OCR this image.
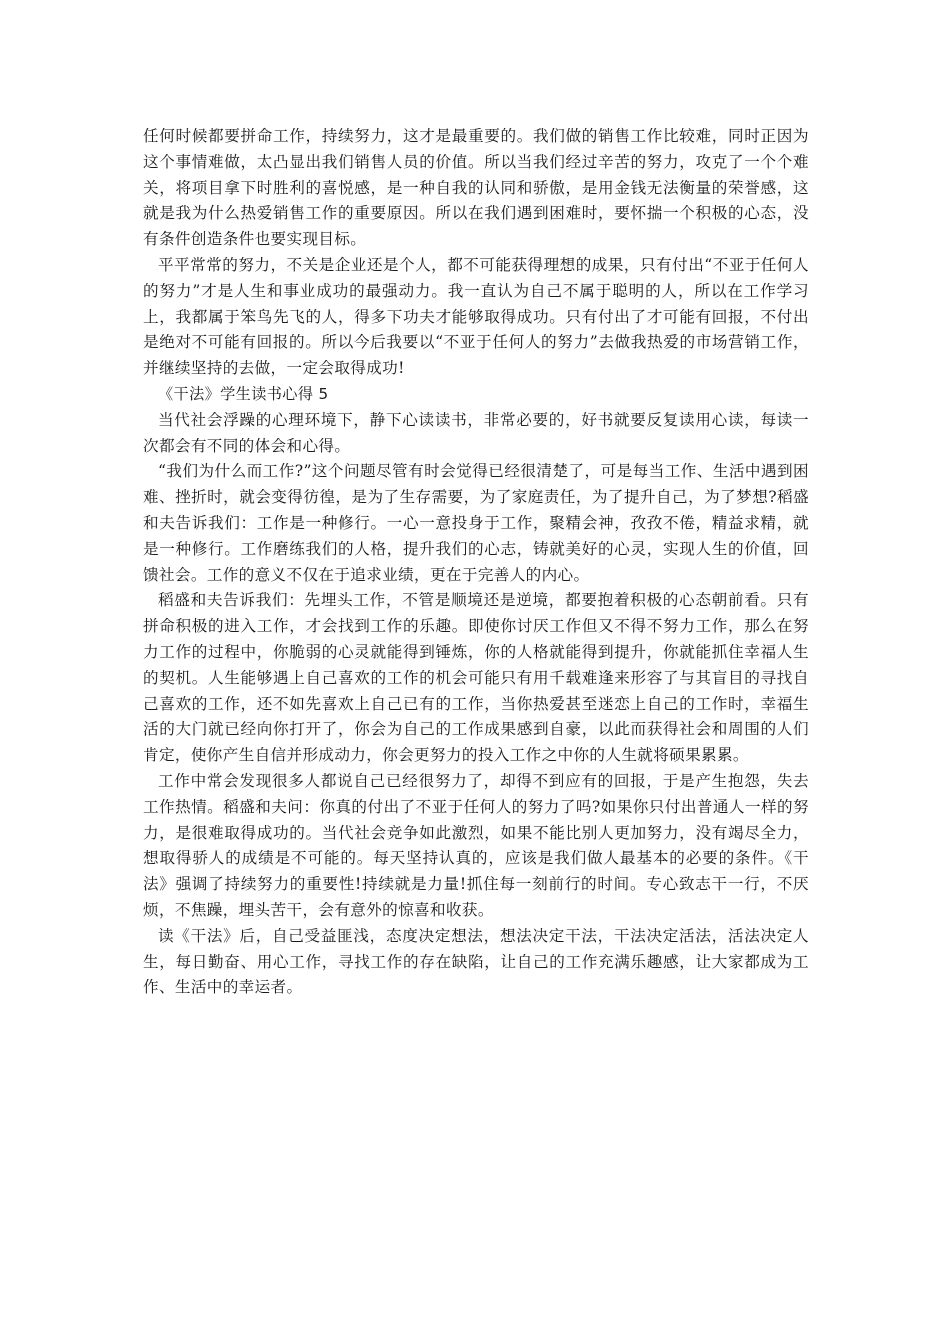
任何时候都要拼命工作，持续努力，这才是最重要的。我们做的销售工作比较难，同时正因为这个事情难做，太凸显出我们销售人员的价值。所以当我们经过辛苦的努力，攻克了一个个难关，将项目拿下时胜利的喜悦感，是一种自我的认同和骄傲，是用金钱无法衡量的荣誉感，这就是我为什么热爱销售工作的重要原因。所以在我们遇到困难时，要怀揣一个积极的心态，没有条件创造条件也要实现目标。

平平常常的努力，不关是企业还是个人，都不可能获得理想的成果，只有付出“不亚于任何人的努力”才是人生和事业成功的最强动力。我一直认为自己不属于聪明的人，所以在工作学习上，我都属于笨鸟先飞的人，得多下功夫才能够取得成功。只有付出了才可能有回报，不付出是绝对不可能有回报的。所以今后我要以“不亚于任何人的努力”去做我热爱的市场营销工作，并继续坚持的去做，一定会取得成功!

《干法》学生读书心得 5

当代社会浮躁的心理环境下，静下心读读书，非常必要的，好书就要反复读用心读，每读一次都会有不同的体会和心得。

“我们为什么而工作?”这个问题尽管有时会觉得已经很清楚了，可是每当工作、生活中遇到困难、挫折时，就会变得彷徨，是为了生存需要，为了家庭责任，为了提升自己，为了梦想?稻盛和夫告诉我们：工作是一种修行。一心一意投身于工作，聚精会神，孜孜不倦，精益求精，就是一种修行。工作磨练我们的人格，提升我们的心志，铸就美好的心灵，实现人生的价值，回馈社会。工作的意义不仅在于追求业绩，更在于完善人的内心。

稻盛和夫告诉我们：先埋头工作，不管是顺境还是逆境，都要抱着积极的心态朝前看。只有拼命积极的进入工作，才会找到工作的乐趣。即使你讨厌工作但又不得不努力工作，那么在努力工作的过程中，你脆弱的心灵就能得到锤炼，你的人格就能得到提升，你就能抓住幸福人生的契机。人生能够遇上自己喜欢的工作的机会可能只有用千载难逢来形容了与其盲目的寻找自己喜欢的工作，还不如先喜欢上自己已有的工作，当你热爱甚至迷恋上自己的工作时，幸福生活的大门就已经向你打开了，你会为自己的工作成果感到自豪，以此而获得社会和周围的人们肯定，使你产生自信并形成动力，你会更努力的投入工作之中你的人生就将硕果累累。

工作中常会发现很多人都说自己已经很努力了，却得不到应有的回报，于是产生抱怨，失去工作热情。稻盛和夫问：你真的付出了不亚于任何人的努力了吗?如果你只付出普通人一样的努力，是很难取得成功的。当代社会竞争如此激烈，如果不能比别人更加努力，没有竭尽全力，想取得骄人的成绩是不可能的。每天坚持认真的，应该是我们做人最基本的必要的条件。《干法》强调了持续努力的重要性!持续就是力量!抓住每一刻前行的时间。专心致志干一行，不厌烦，不焦躁，埋头苦干，会有意外的惊喜和收获。

读《干法》后，自己受益匪浅，态度决定想法，想法决定干法，干法决定活法，活法决定人生，每日勤奋、用心工作，寻找工作的存在缺陷，让自己的工作充满乐趣感，让大家都成为工作、生活中的幸运者。
